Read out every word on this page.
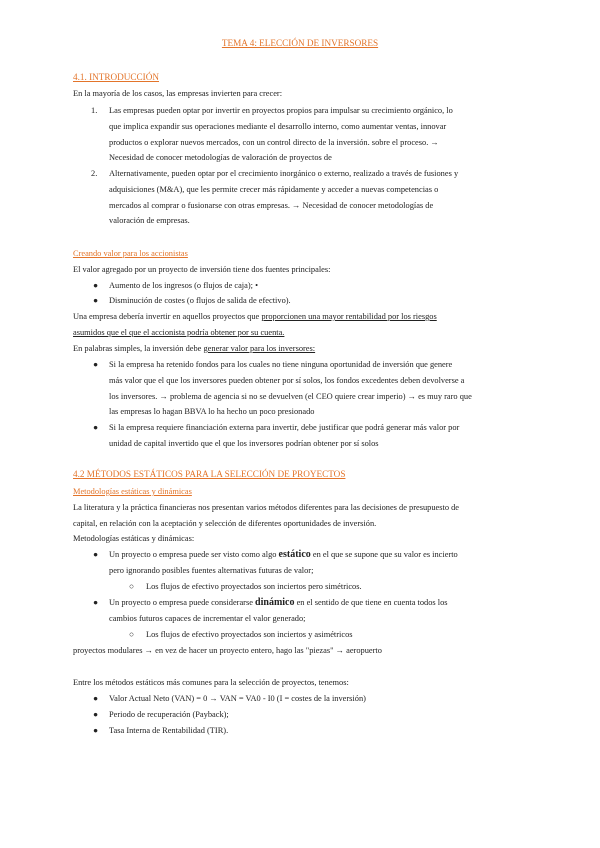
TEMA 4: ELECCIÓN DE INVERSORES
4.1. INTRODUCCIÓN
En la mayoría de los casos, las empresas invierten para crecer:
1. Las empresas pueden optar por invertir en proyectos propios para impulsar su crecimiento orgánico, lo
que implica expandir sus operaciones mediante el desarrollo interno, como aumentar ventas, innovar
productos o explorar nuevos mercados, con un control directo de la inversión. sobre el proceso. →
Necesidad de conocer metodologías de valoración de proyectos de
2. Alternativamente, pueden optar por el crecimiento inorgánico o externo, realizado a través de fusiones y
adquisiciones (M&A), que les permite crecer más rápidamente y acceder a nuevas competencias o
mercados al comprar o fusionarse con otras empresas. → Necesidad de conocer metodologías de
valoración de empresas.
Creando valor para los accionistas
El valor agregado por un proyecto de inversión tiene dos fuentes principales:
● Aumento de los ingresos (o flujos de caja); •
● Disminución de costes (o flujos de salida de efectivo).
Una empresa debería invertir en aquellos proyectos que proporcionen una mayor rentabilidad por los riesgos
asumidos que el que el accionista podría obtener por su cuenta.
En palabras simples, la inversión debe generar valor para los inversores:
● Si la empresa ha retenido fondos para los cuales no tiene ninguna oportunidad de inversión que genere
más valor que el que los inversores pueden obtener por sí solos, los fondos excedentes deben devolverse a
los inversores. → problema de agencia si no se devuelven (el CEO quiere crear imperio) → es muy raro que
las empresas lo hagan BBVA lo ha hecho un poco presionado
● Si la empresa requiere financiación externa para invertir, debe justificar que podrá generar más valor por
unidad de capital invertido que el que los inversores podrían obtener por sí solos
4.2 MÉTODOS ESTÁTICOS PARA LA SELECCIÓN DE PROYECTOS
Metodologías estáticas y dinámicas
La literatura y la práctica financieras nos presentan varios métodos diferentes para las decisiones de presupuesto de
capital, en relación con la aceptación y selección de diferentes oportunidades de inversión.
Metodologías estáticas y dinámicas:
● Un proyecto o empresa puede ser visto como algo estático en el que se supone que su valor es incierto
pero ignorando posibles fuentes alternativas futuras de valor;
○ Los flujos de efectivo proyectados son inciertos pero simétricos.
● Un proyecto o empresa puede considerarse dinámico en el sentido de que tiene en cuenta todos los
cambios futuros capaces de incrementar el valor generado;
○ Los flujos de efectivo proyectados son inciertos y asimétricos
proyectos modulares → en vez de hacer un proyecto entero, hago las "piezas" → aeropuerto
Entre los métodos estáticos más comunes para la selección de proyectos, tenemos:
● Valor Actual Neto (VAN) = 0 → VAN = VA0 - I0 (I = costes de la inversión)
● Periodo de recuperación (Payback);
● Tasa Interna de Rentabilidad (TIR).
